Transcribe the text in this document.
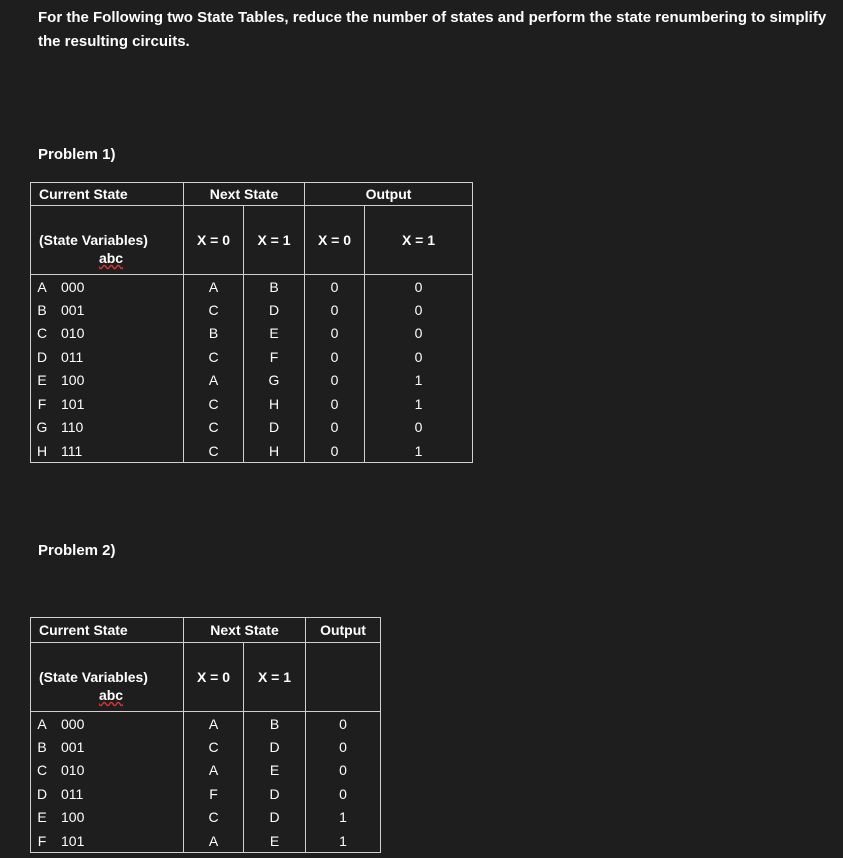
For the Following two State Tables, reduce the number of states and perform the state renumbering to simplify the resulting circuits.
Problem 1)
Current State	Next State		Output	
(State Variables)
abc	X = 0	X = 1	X = 0	X = 1
A 000	A	B	0	0
B 001	C	D	0	0
C 010	B	E	0	0
D 011	C	F	0	0
E 100	A	G	0	1
F 101	C	H	0	1
G 110	C	D	0	0
H 111	C	H	0	1
Problem 2)
Current State	Next State		Output
(State Variables)
abc	X = 0	X = 1	
A 000	A	B	0
B 001	C	D	0
C 010	A	E	0
D 011	F	D	0
E 100	C	D	1
F 101	A	E	1
